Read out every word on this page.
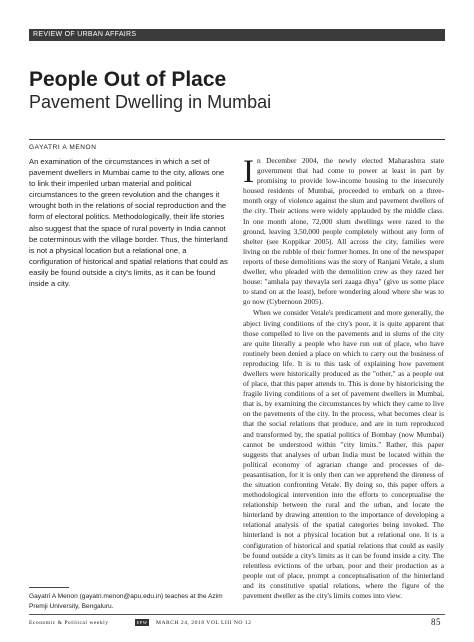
REVIEW OF URBAN AFFAIRS
People Out of Place
Pavement Dwelling in Mumbai
GAYATRI A MENON

An examination of the circumstances in which a set of pavement dwellers in Mumbai came to the city, allows one to link their imperiled urban material and political circumstances to the green revolution and the changes it wrought both in the relations of social reproduction and the form of electoral politics. Methodologically, their life stories also suggest that the space of rural poverty in India cannot be coterminous with the village border. Thus, the hinterland is not a physical location but a relational one, a configuration of historical and spatial relations that could as easily be found outside a city's limits, as it can be found inside a city.

In December 2004, the newly elected Maharashtra state government that had come to power at least in part by promising to provide low-income housing to the insecurely housed residents of Mumbai, proceeded to embark on a three-month orgy of violence against the slum and pavement dwellers of the city. Their actions were widely applauded by the middle class. In one month alone, 72,000 slum dwellings were razed to the ground, leaving 3,50,000 people completely without any form of shelter (see Koppikar 2005). All across the city, families were living on the rubble of their former homes. In one of the newspaper reports of these demolitions was the story of Ranjani Vetale, a slum dweller, who pleaded with the demolition crew as they razed her house: "amhala pay thevayla seri zaaga dhya" (give us some place to stand on at the least), before wondering aloud where she was to go now (Cybernoon 2005).

When we consider Vetale's predicament and more generally, the abject living conditions of the city's poor, it is quite apparent that those compelled to live on the pavements and in slums of the city are quite literally a people who have run out of place, who have routinely been denied a place on which to carry out the business of reproducing life. It is to this task of explaining how pavement dwellers were historically produced as the "other," as a people out of place, that this paper attends to. This is done by historicising the fragile living conditions of a set of pavement dwellers in Mumbai, that is, by examining the circumstances by which they came to live on the pavements of the city. In the process, what becomes clear is that the social relations that produce, and are in turn reproduced and transformed by, the spatial politics of Bombay (now Mumbai) cannot be understood within "city limits." Rather, this paper suggests that analyses of urban India must be located within the political economy of agrarian change and processes of de-peasantisation, for it is only then can we apprehend the direness of the situation confronting Vetale. By doing so, this paper offers a methodological intervention into the efforts to conceptualise the relationship between the rural and the urban, and locate the hinterland by drawing attention to the importance of developing a relational analysis of the spatial categories being invoked. The hinterland is not a physical location but a relational one. It is a configuration of historical and spatial relations that could as easily be found outside a city's limits as it can be found inside a city. The relentless evictions of the urban, poor and their production as a people out of place, prompt a conceptualisation of the hinterland and its constitutive spatial relations, where the figure of the pavement dweller as the city's limits comes into view.

Gayatri A Menon (gayatri.menon@apu.edu.in) teaches at the Azim Premji University, Bengaluru.

Economic & Political weekly	EPW MARCH 24, 2018 VOL LIII NO 12	85
